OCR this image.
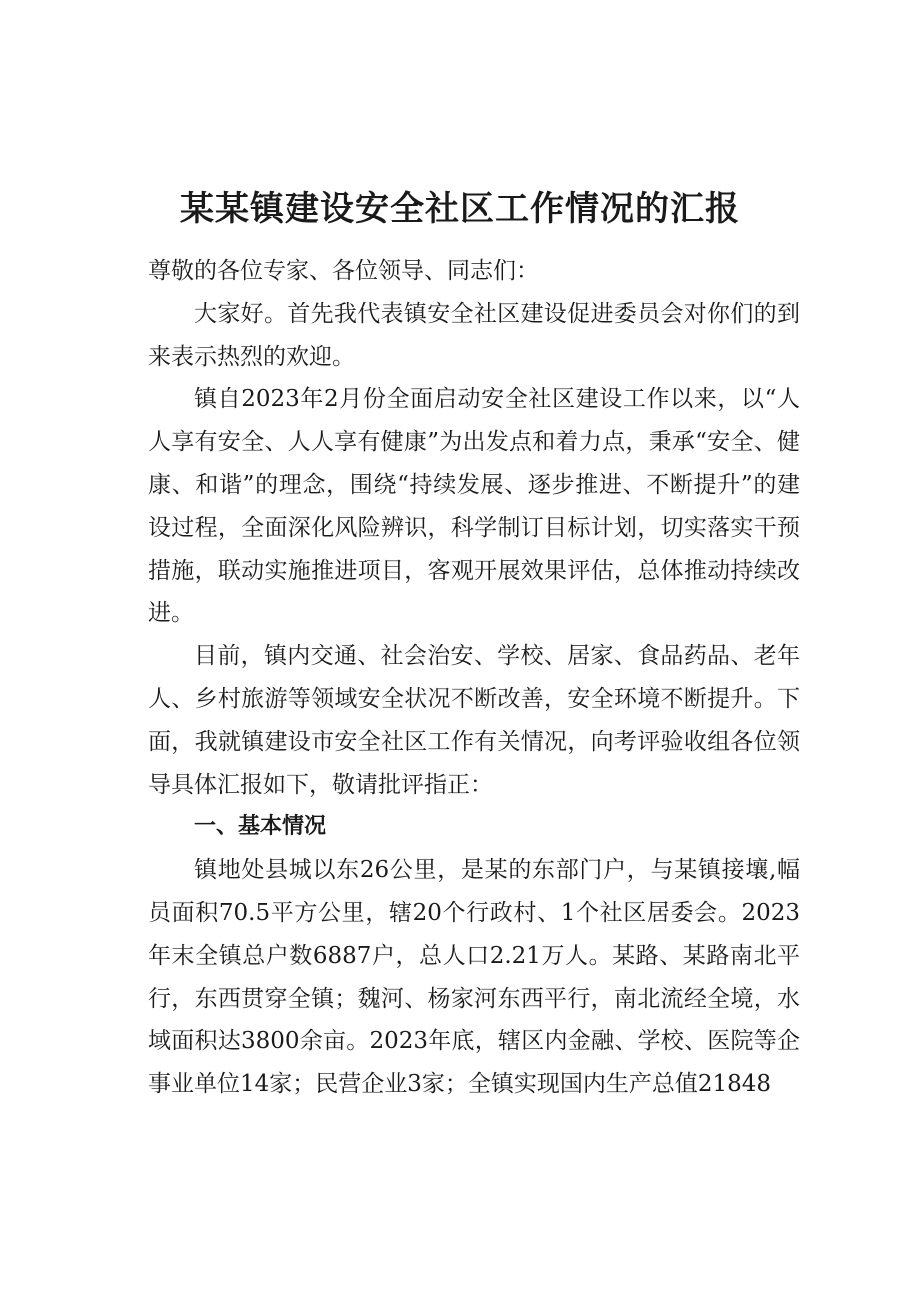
某某镇建设安全社区工作情况的汇报

尊敬的各位专家、各位领导、同志们：

大家好。首先我代表镇安全社区建设促进委员会对你们的到来表示热烈的欢迎。

镇自2023年2月份全面启动安全社区建设工作以来，以“人人享有安全、人人享有健康”为出发点和着力点，秉承“安全、健康、和谐”的理念，围绕“持续发展、逐步推进、不断提升”的建设过程，全面深化风险辨识，科学制订目标计划，切实落实干预措施，联动实施推进项目，客观开展效果评估，总体推动持续改进。

目前，镇内交通、社会治安、学校、居家、食品药品、老年人、乡村旅游等领域安全状况不断改善，安全环境不断提升。下面，我就镇建设市安全社区工作有关情况，向考评验收组各位领导具体汇报如下，敬请批评指正：

一、基本情况

镇地处县城以东26公里，是某的东部门户，与某镇接壤,幅员面积70.5平方公里，辖20个行政村、1个社区居委会。2023年末全镇总户数6887户，总人口2.21万人。某路、某路南北平行，东西贯穿全镇；魏河、杨家河东西平行，南北流经全境，水域面积达3800余亩。2023年底，辖区内金融、学校、医院等企事业单位14家；民营企业3家；全镇实现国内生产总值21848
